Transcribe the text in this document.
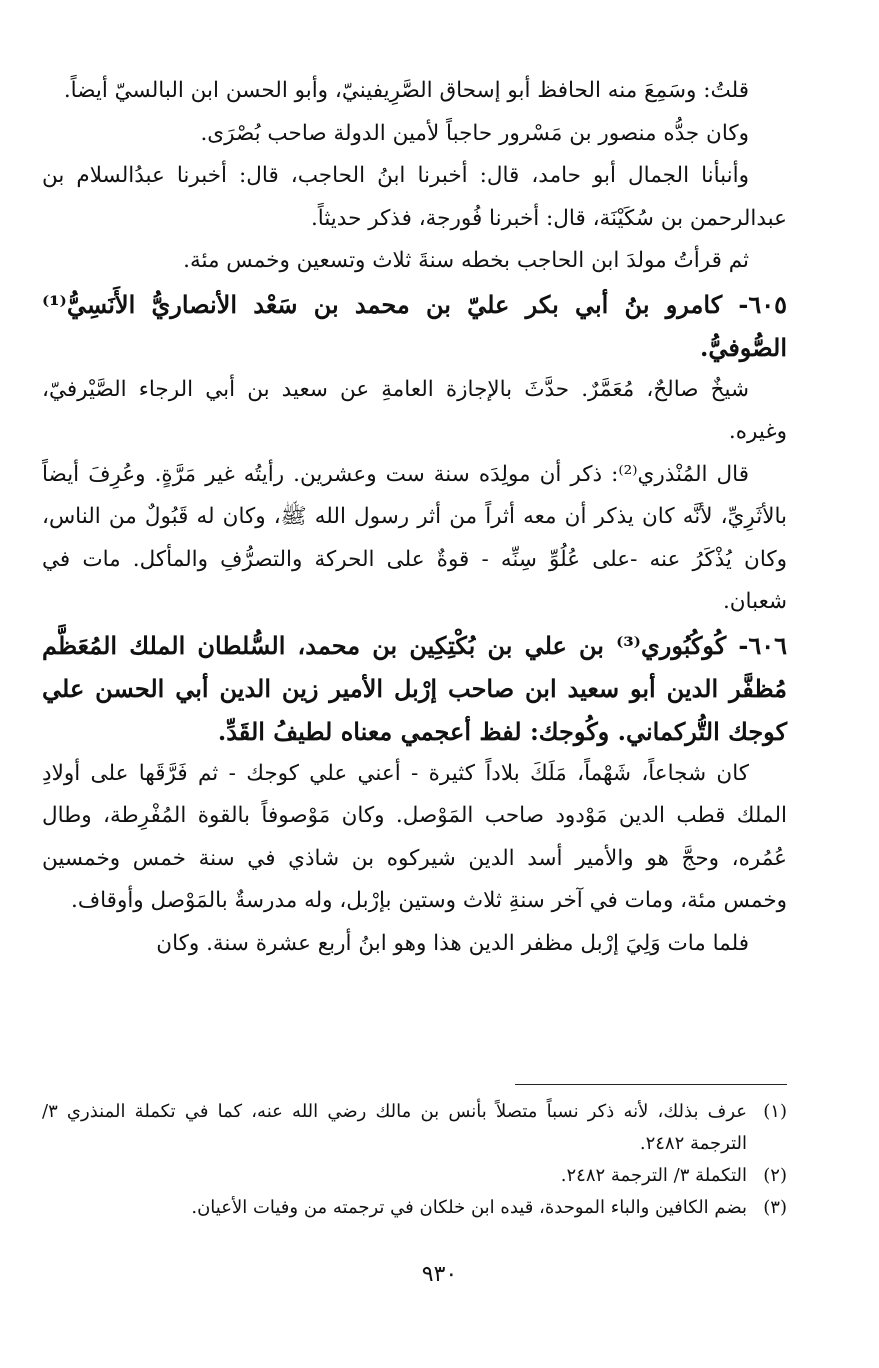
قلتُ: وسَمِعَ منه الحافظ أبو إسحاق الصَّرِيفينيّ، وأبو الحسن ابن البالسيّ أيضاً.

وكان جدُّه منصور بن مَسْرور حاجباً لأمين الدولة صاحب بُصْرَى.

وأنبأنا الجمال أبو حامد، قال: أخبرنا ابنُ الحاجب، قال: أخبرنا عبدُالسلام بن عبدالرحمن بن سُكَيْنَة، قال: أخبرنا فُورجة، فذكر حديثاً.

ثم قرأتُ مولدَ ابن الحاجب بخطه سنةَ ثلاث وتسعين وخمس مئة.

٦٠٥- كامرو بنُ أبي بكر عليّ بن محمد بن سَعْد الأنصاريُّ الأَنَسِيُّ⁽¹⁾ الصُّوفيُّ.

شيخٌ صالحٌ، مُعَمَّرٌ. حدَّثَ بالإجازة العامةِ عن سعيد بن أبي الرجاء الصَّيْرفيّ، وغيره.

قال المُنْذري⁽²⁾: ذكر أن مولِدَه سنة ست وعشرين. رأيتُه غير مَرَّةٍ. وعُرِفَ أيضاً بالأثَرِيِّ، لأنَّه كان يذكر أن معه أثراً من أثر رسول الله ﷺ، وكان له قَبُولٌ من الناس، وكان يُذْكَرُ عنه -على عُلُوِّ سِنِّه - قوةٌ على الحركة والتصرُّفِ والمأكل. مات في شعبان.

٦٠٦- كُوكُبُوري⁽³⁾ بن علي بن بُكْتِكِين بن محمد، السُّلطان الملك المُعَظَّم مُظفَّر الدين أبو سعيد ابن صاحب إرْبل الأمير زين الدين أبي الحسن علي كوجك التُّركماني. وكُوجك: لفظ أعجمي معناه لطيفُ القَدِّ.

كان شجاعاً، شَهْماً، مَلَكَ بلاداً كثيرة - أعني علي كوجك - ثم فَرَّقَها على أولادِ الملك قطب الدين مَوْدود صاحب المَوْصل. وكان مَوْصوفاً بالقوة المُفْرِطة، وطال عُمُره، وحجَّ هو والأمير أسد الدين شيركوه بن شاذي في سنة خمس وخمسين وخمس مئة، ومات في آخر سنةِ ثلاث وستين بإرْبل، وله مدرسةٌ بالمَوْصل وأوقاف.

فلما مات وَلِيَ إرْبل مظفر الدين هذا وهو ابنُ أربع عشرة سنة. وكان

(١)
عرف بذلك، لأنه ذكر نسباً متصلاً بأنس بن مالك رضي الله عنه، كما في تكملة المنذري ٣/ الترجمة ٢٤٨٢.

(٢)
التكملة ٣/ الترجمة ٢٤٨٢.

(٣)
بضم الكافين والباء الموحدة، قيده ابن خلكان في ترجمته من وفيات الأعيان.

٩٣٠
